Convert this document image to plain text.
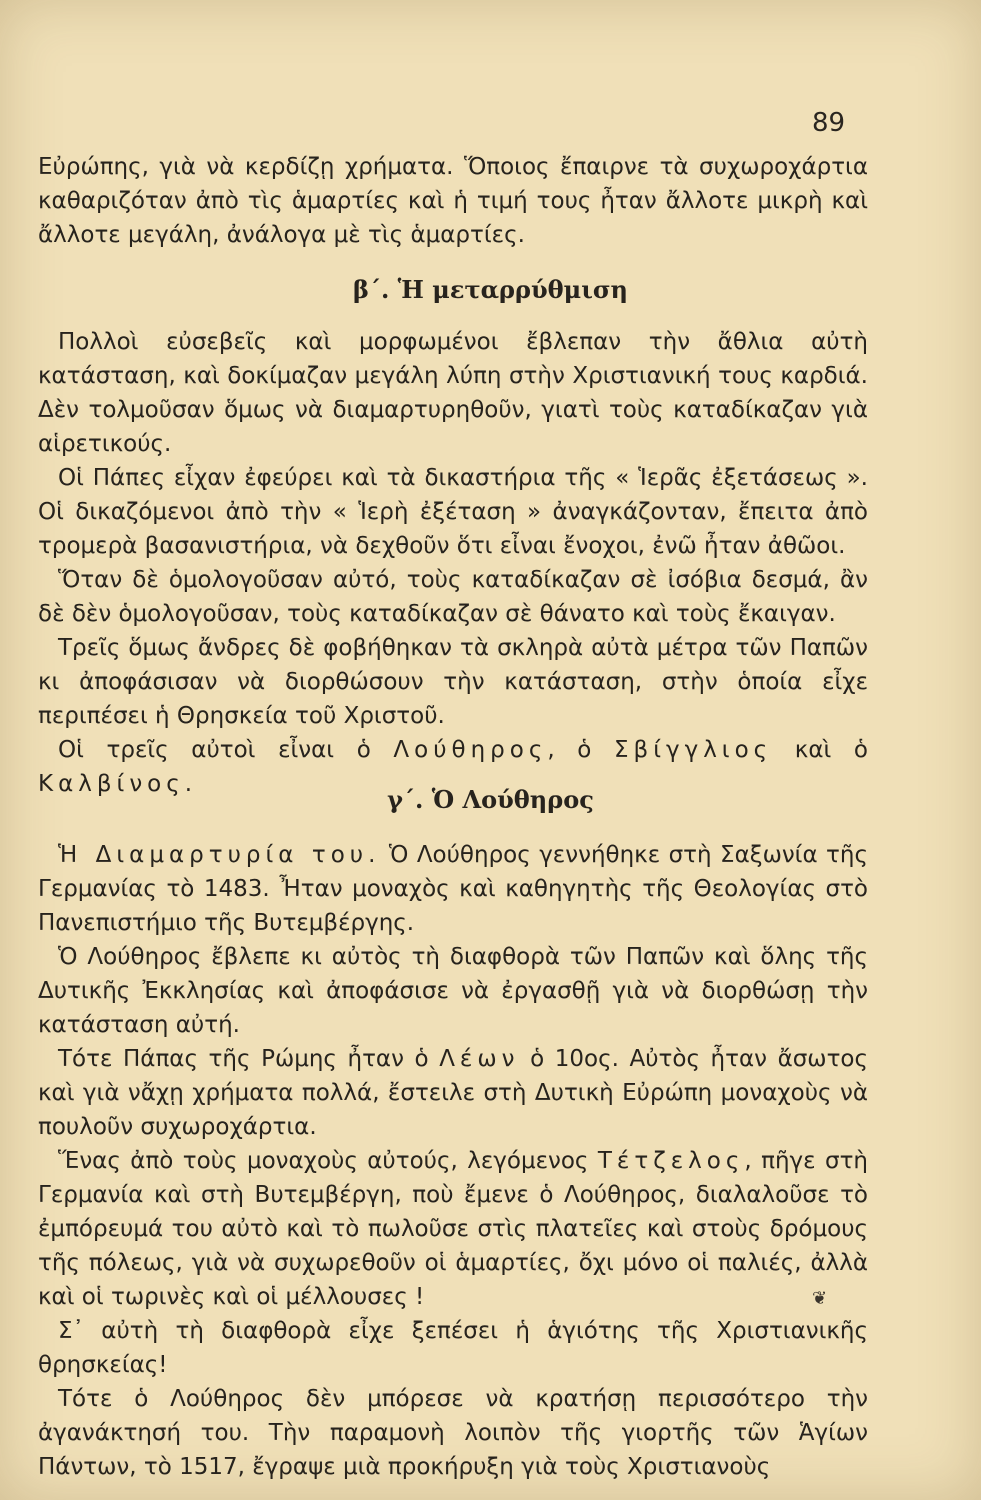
89

Εὐρώπης, γιὰ νὰ κερδίζῃ χρήματα. Ὅποιος ἔπαιρνε τὰ συχωροχάρτια καθαριζόταν ἀπὸ τὶς ἁμαρτίες καὶ ἡ τιμή τους ἦταν ἄλλοτε μικρὴ καὶ ἄλλοτε μεγάλη, ἀνάλογα μὲ τὶς ἁμαρτίες.

β΄. Ἡ μεταρρύθμιση

Πολλοὶ εὐσεβεῖς καὶ μορφωμένοι ἔβλεπαν τὴν ἄθλια αὐτὴ κατάσταση, καὶ δοκίμαζαν μεγάλη λύπη στὴν Χριστιανική τους καρδιά. Δὲν τολμοῦσαν ὅμως νὰ διαμαρτυρηθοῦν, γιατὶ τοὺς καταδίκαζαν γιὰ αἱρετικούς.

Οἱ Πάπες εἶχαν ἐφεύρει καὶ τὰ δικαστήρια τῆς « Ἱερᾶς ἐξετάσεως ». Οἱ δικαζόμενοι ἀπὸ τὴν « Ἱερὴ ἐξέταση » ἀναγκάζονταν, ἔπειτα ἀπὸ τρομερὰ βασανιστήρια, νὰ δεχθοῦν ὅτι εἶναι ἔνοχοι, ἐνῶ ἦταν ἀθῶοι.

Ὅταν δὲ ὁμολογοῦσαν αὐτό, τοὺς καταδίκαζαν σὲ ἰσόβια δεσμά, ἂν δὲ δὲν ὁμολογοῦσαν, τοὺς καταδίκαζαν σὲ θάνατο καὶ τοὺς ἔκαιγαν.

Τρεῖς ὅμως ἄνδρες δὲ φοβήθηκαν τὰ σκληρὰ αὐτὰ μέτρα τῶν Παπῶν κι ἀποφάσισαν νὰ διορθώσουν τὴν κατάσταση, στὴν ὁποία εἶχε περιπέσει ἡ Θρησκεία τοῦ Χριστοῦ.

Οἱ τρεῖς αὐτοὶ εἶναι ὁ Λούθηρος, ὁ Σβίγγλιος καὶ ὁ Καλβίνος.

γ΄. Ὁ Λούθηρος

Ἡ Διαμαρτυρία του. Ὁ Λούθηρος γεννήθηκε στὴ Σαξωνία τῆς Γερμανίας τὸ 1483. Ἦταν μοναχὸς καὶ καθηγητὴς τῆς Θεολογίας στὸ Πανεπιστήμιο τῆς Βυτεμβέργης.

Ὁ Λούθηρος ἔβλεπε κι αὐτὸς τὴ διαφθορὰ τῶν Παπῶν καὶ ὅλης τῆς Δυτικῆς Ἐκκλησίας καὶ ἀποφάσισε νὰ ἐργασθῇ γιὰ νὰ διορθώσῃ τὴν κατάσταση αὐτή.

Τότε Πάπας τῆς Ρώμης ἦταν ὁ Λέων ὁ 10ος. Αὐτὸς ἦταν ἄσωτος καὶ γιὰ νἄχῃ χρήματα πολλά, ἔστειλε στὴ Δυτικὴ Εὐρώπη μοναχοὺς νὰ πουλοῦν συχωροχάρτια.

Ἕνας ἀπὸ τοὺς μοναχοὺς αὐτούς, λεγόμενος Τέτζελος, πῆγε στὴ Γερμανία καὶ στὴ Βυτεμβέργη, ποὺ ἔμενε ὁ Λούθηρος, διαλαλοῦσε τὸ ἐμπόρευμά του αὐτὸ καὶ τὸ πωλοῦσε στὶς πλατεῖες καὶ στοὺς δρόμους τῆς πόλεως, γιὰ νὰ συχωρεθοῦν οἱ ἁμαρτίες, ὄχι μόνο οἱ παλιές, ἀλλὰ καὶ οἱ τωρινὲς καὶ οἱ μέλλουσες !

Σ᾿ αὐτὴ τὴ διαφθορὰ εἶχε ξεπέσει ἡ ἁγιότης τῆς Χριστιανικῆς θρησκείας!

Τότε ὁ Λούθηρος δὲν μπόρεσε νὰ κρατήσῃ περισσότερο τὴν ἀγανάκτησή του. Τὴν παραμονὴ λοιπὸν τῆς γιορτῆς τῶν Ἁγίων Πάντων, τὸ 1517, ἔγραψε μιὰ προκήρυξη γιὰ τοὺς Χριστιανοὺς

❦
